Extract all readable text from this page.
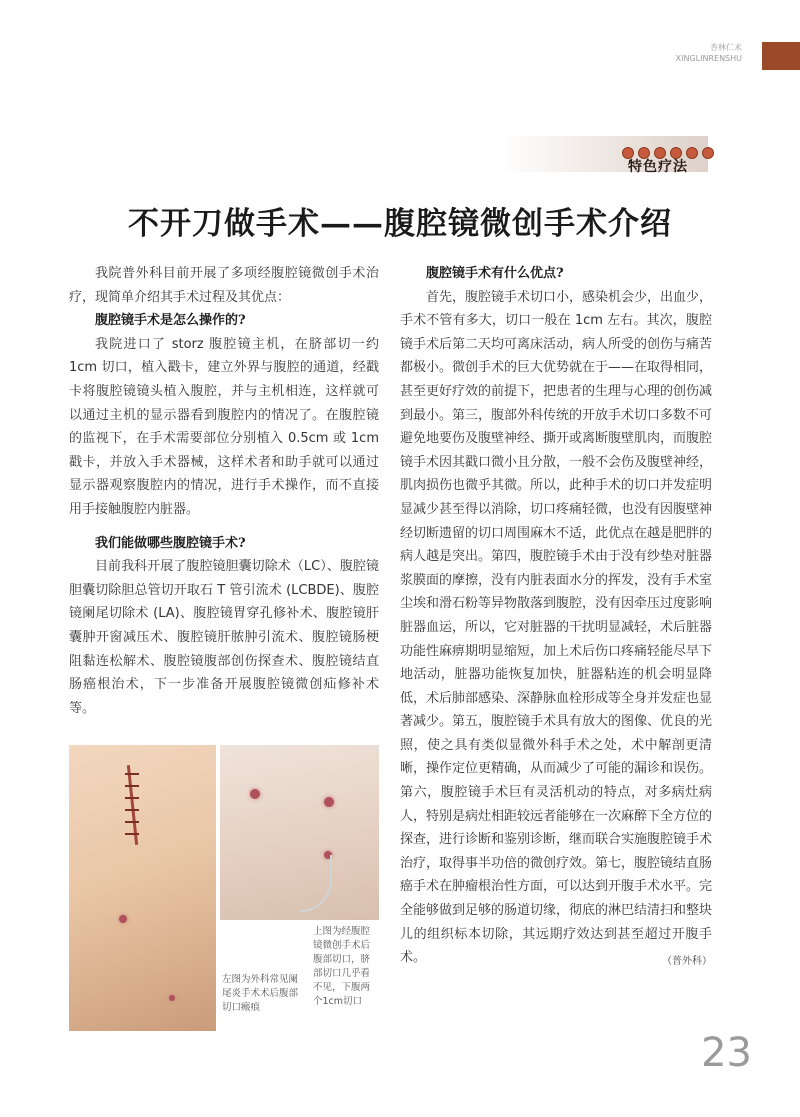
杏林仁术
XINGLINRENSHU
特色疗法
不开刀做手术——腹腔镜微创手术介绍

我院普外科目前开展了多项经腹腔镜微创手术治疗，现简单介绍其手术过程及其优点：

腹腔镜手术是怎么操作的?

我院进口了 storz 腹腔镜主机，在脐部切一约 1cm 切口，植入戳卡，建立外界与腹腔的通道，经戳卡将腹腔镜镜头植入腹腔，并与主机相连，这样就可以通过主机的显示器看到腹腔内的情况了。在腹腔镜的监视下，在手术需要部位分别植入 0.5cm 或 1cm 戳卡，并放入手术器械，这样术者和助手就可以通过显示器观察腹腔内的情况，进行手术操作，而不直接用手接触腹腔内脏器。

我们能做哪些腹腔镜手术?

目前我科开展了腹腔镜胆囊切除术（LC）、腹腔镜胆囊切除胆总管切开取石 T 管引流术 (LCBDE)、腹腔镜阑尾切除术 (LA)、腹腔镜胃穿孔修补术、腹腔镜肝囊肿开窗减压术、腹腔镜肝脓肿引流术、腹腔镜肠梗阻黏连松解术、腹腔镜腹部创伤探查术、腹腔镜结直肠癌根治术，下一步准备开展腹腔镜微创疝修补术等。

腹腔镜手术有什么优点?

首先，腹腔镜手术切口小，感染机会少，出血少，手术不管有多大，切口一般在 1cm 左右。其次，腹腔镜手术后第二天均可离床活动，病人所受的创伤与痛苦都极小。微创手术的巨大优势就在于——在取得相同，甚至更好疗效的前提下，把患者的生理与心理的创伤减到最小。第三，腹部外科传统的开放手术切口多数不可避免地要伤及腹壁神经、撕开或离断腹壁肌肉，而腹腔镜手术因其戳口微小且分散，一般不会伤及腹壁神经，肌肉损伤也微乎其微。所以，此种手术的切口并发症明显减少甚至得以消除，切口疼痛轻微，也没有因腹壁神经切断遗留的切口周围麻木不适，此优点在越是肥胖的病人越是突出。第四，腹腔镜手术由于没有纱垫对脏器浆膜面的摩擦，没有内脏表面水分的挥发，没有手术室尘埃和滑石粉等异物散落到腹腔，没有因牵压过度影响脏器血运，所以，它对脏器的干扰明显减轻，术后脏器功能性麻痹期明显缩短，加上术后伤口疼痛轻能尽早下地活动，脏器功能恢复加快，脏器粘连的机会明显降低，术后肺部感染、深静脉血栓形成等全身并发症也显著减少。第五，腹腔镜手术具有放大的图像、优良的光照，使之具有类似显微外科手术之处，术中解剖更清晰，操作定位更精确，从而减少了可能的漏诊和误伤。第六，腹腔镜手术巨有灵活机动的特点，对多病灶病人，特别是病灶相距较远者能够在一次麻醉下全方位的探查，进行诊断和鉴别诊断，继而联合实施腹腔镜手术治疗，取得事半功倍的微创疗效。第七，腹腔镜结直肠癌手术在肿瘤根治性方面，可以达到开腹手术水平。完全能够做到足够的肠道切缘，彻底的淋巴结清扫和整块儿的组织标本切除，其远期疗效达到甚至超过开腹手术。	（普外科）
左图为外科常见阑尾炎手术术后腹部切口瘢痕
上图为经腹腔镜微创手术后腹部切口，脐部切口几乎看不见，下腹两个1cm切口
23
